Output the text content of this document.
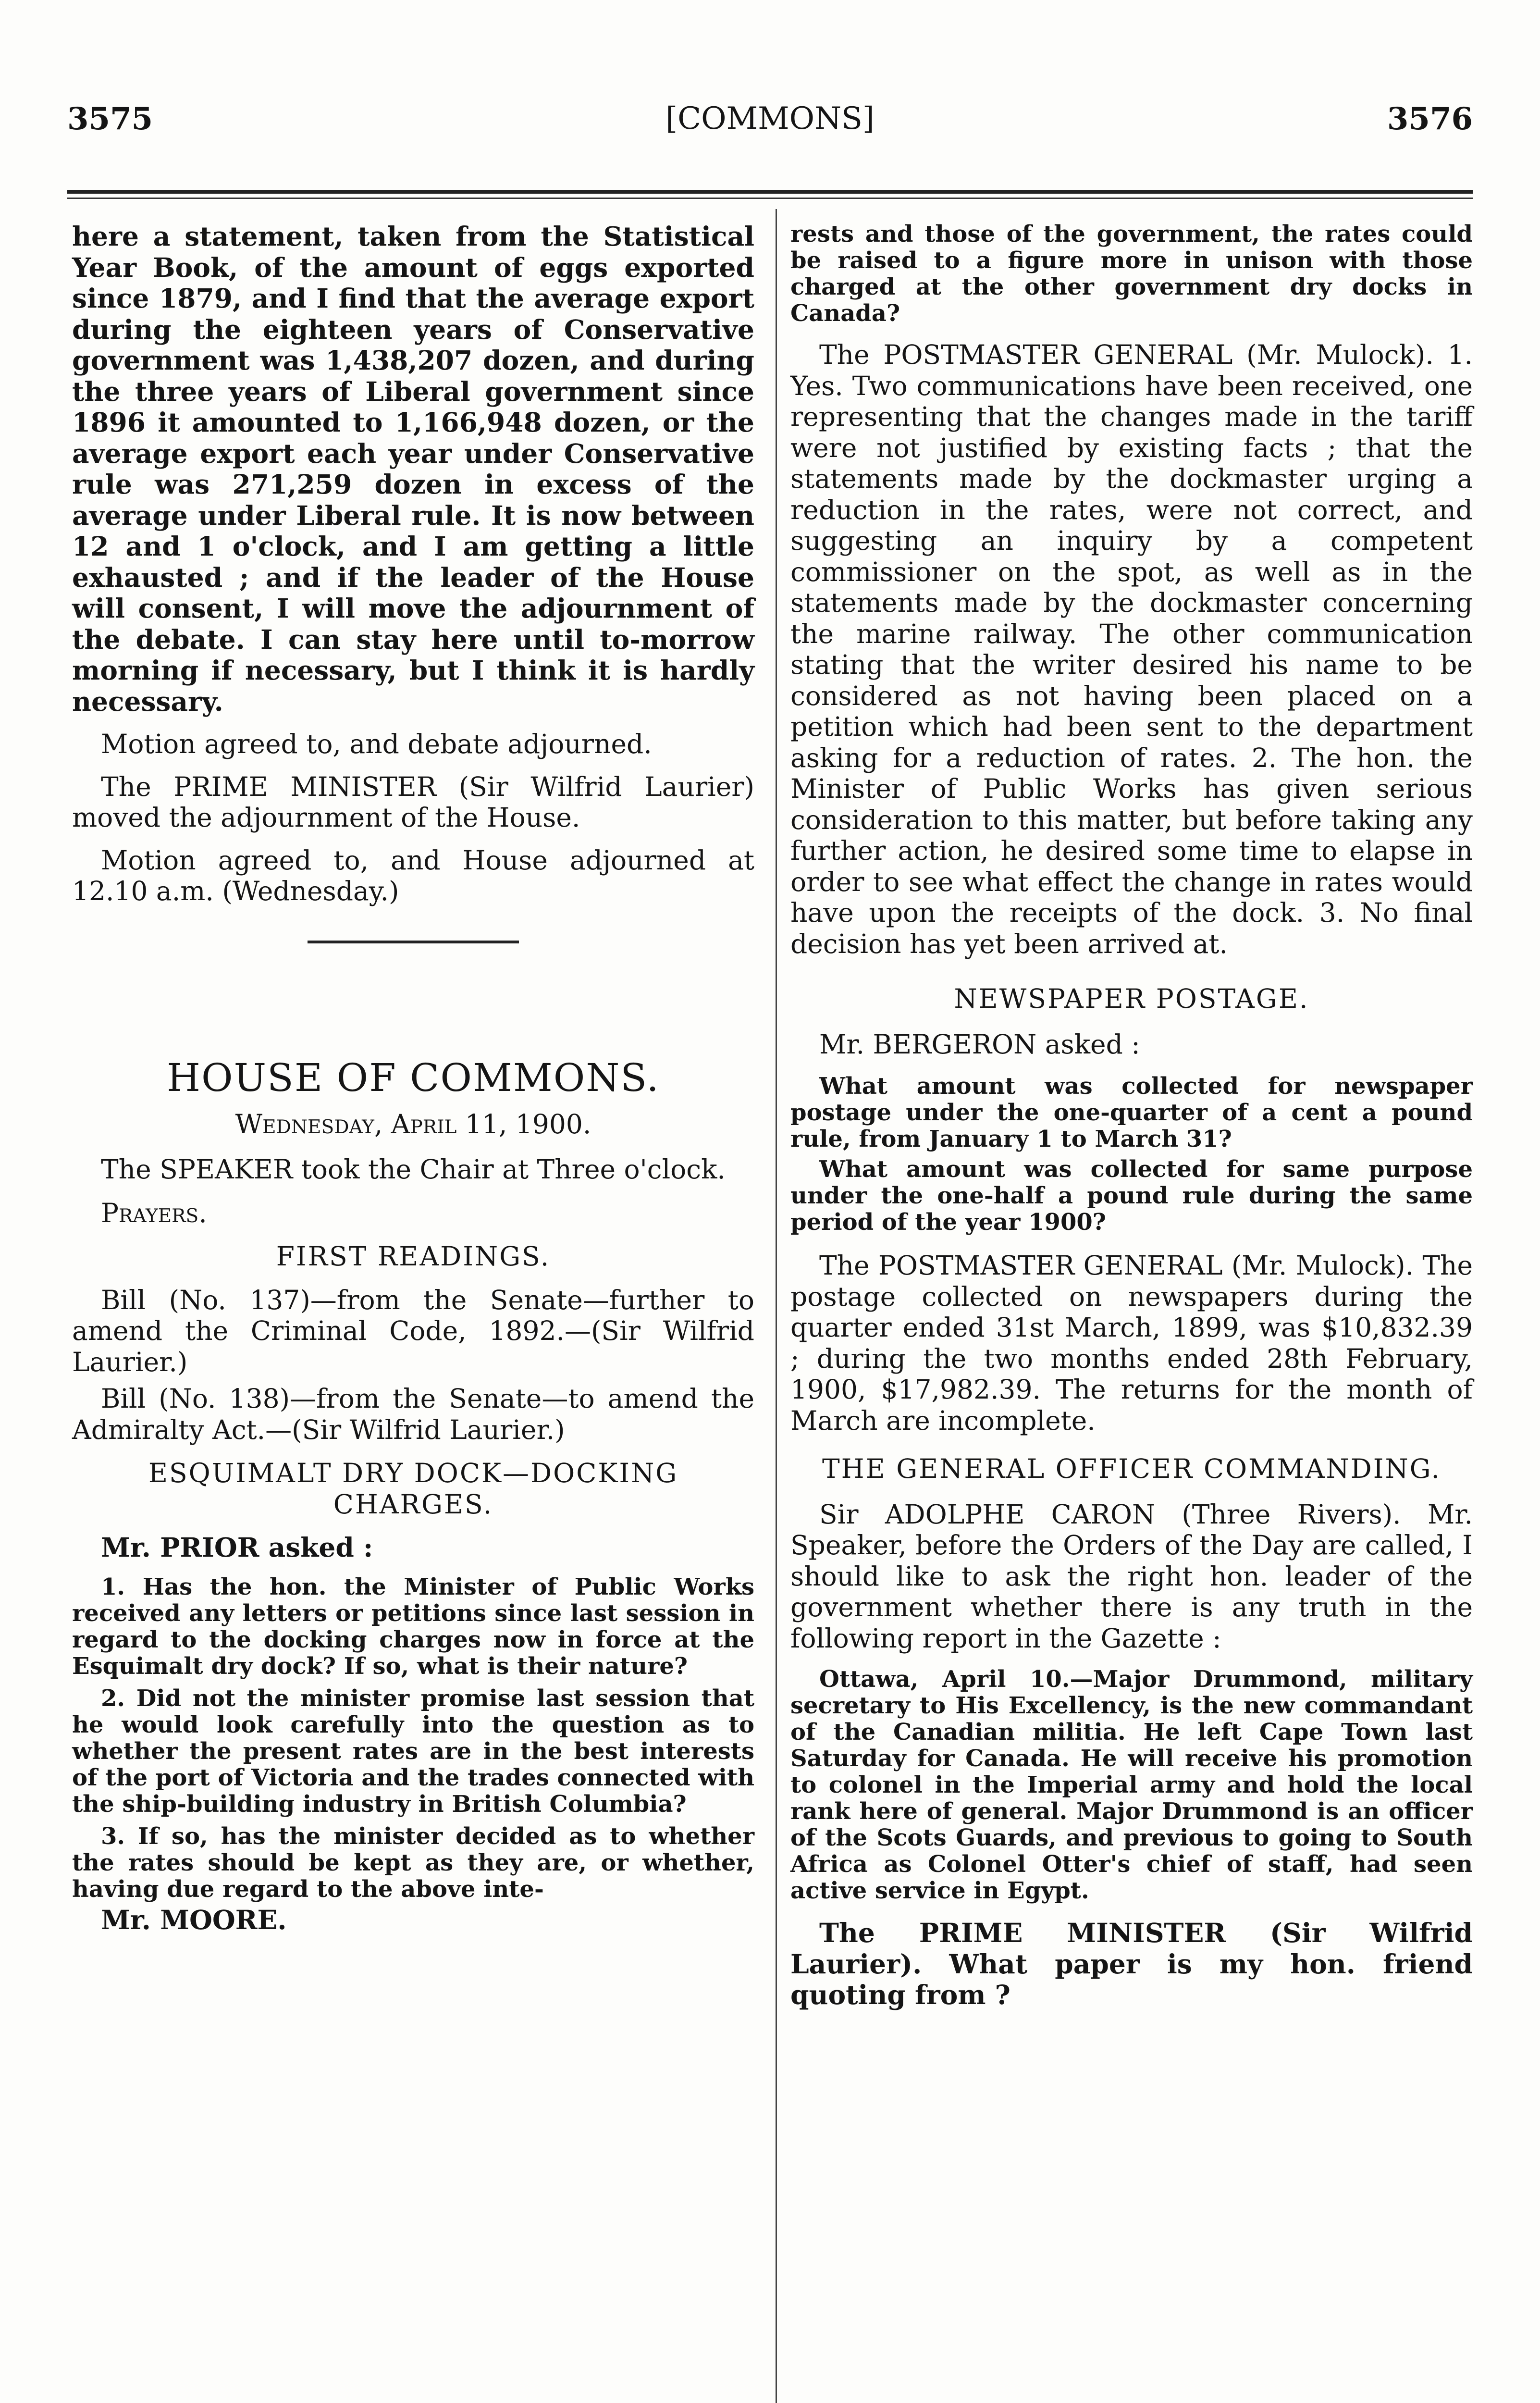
3575	[COMMONS]	3576

here a statement, taken from the Statistical Year Book, of the amount of eggs exported since 1879, and I find that the average export during the eighteen years of Conservative government was 1,438,207 dozen, and during the three years of Liberal government since 1896 it amounted to 1,166,948 dozen, or the average export each year under Conservative rule was 271,259 dozen in excess of the average under Liberal rule. It is now between 12 and 1 o'clock, and I am getting a little exhausted ; and if the leader of the House will consent, I will move the adjournment of the debate. I can stay here until to-morrow morning if necessary, but I think it is hardly necessary.

Motion agreed to, and debate adjourned.

The PRIME MINISTER (Sir Wilfrid Laurier) moved the adjournment of the House.

Motion agreed to, and House adjourned at 12.10 a.m. (Wednesday.)

HOUSE OF COMMONS.

Wednesday, April 11, 1900.

The SPEAKER took the Chair at Three o'clock.

Prayers.

FIRST READINGS.

Bill (No. 137)—from the Senate—further to amend the Criminal Code, 1892.—(Sir Wilfrid Laurier.)

Bill (No. 138)—from the Senate—to amend the Admiralty Act.—(Sir Wilfrid Laurier.)

ESQUIMALT DRY DOCK—DOCKING CHARGES.

Mr. PRIOR asked :

1. Has the hon. the Minister of Public Works received any letters or petitions since last session in regard to the docking charges now in force at the Esquimalt dry dock? If so, what is their nature?

2. Did not the minister promise last session that he would look carefully into the question as to whether the present rates are in the best interests of the port of Victoria and the trades connected with the ship-building industry in British Columbia?

3. If so, has the minister decided as to whether the rates should be kept as they are, or whether, having due regard to the above inte-

Mr. MOORE.

rests and those of the government, the rates could be raised to a figure more in unison with those charged at the other government dry docks in Canada?

The POSTMASTER GENERAL (Mr. Mulock). 1. Yes. Two communications have been received, one representing that the changes made in the tariff were not justified by existing facts ; that the statements made by the dockmaster urging a reduction in the rates, were not correct, and suggesting an inquiry by a competent commissioner on the spot, as well as in the statements made by the dockmaster concerning the marine railway. The other communication stating that the writer desired his name to be considered as not having been placed on a petition which had been sent to the department asking for a reduction of rates. 2. The hon. the Minister of Public Works has given serious consideration to this matter, but before taking any further action, he desired some time to elapse in order to see what effect the change in rates would have upon the receipts of the dock. 3. No final decision has yet been arrived at.

NEWSPAPER POSTAGE.

Mr. BERGERON asked :

What amount was collected for newspaper postage under the one-quarter of a cent a pound rule, from January 1 to March 31?

What amount was collected for same purpose under the one-half a pound rule during the same period of the year 1900?

The POSTMASTER GENERAL (Mr. Mulock). The postage collected on newspapers during the quarter ended 31st March, 1899, was $10,832.39 ; during the two months ended 28th February, 1900, $17,982.39. The returns for the month of March are incomplete.

THE GENERAL OFFICER COMMANDING.

Sir ADOLPHE CARON (Three Rivers). Mr. Speaker, before the Orders of the Day are called, I should like to ask the right hon. leader of the government whether there is any truth in the following report in the Gazette :

Ottawa, April 10.—Major Drummond, military secretary to His Excellency, is the new commandant of the Canadian militia. He left Cape Town last Saturday for Canada. He will receive his promotion to colonel in the Imperial army and hold the local rank here of general. Major Drummond is an officer of the Scots Guards, and previous to going to South Africa as Colonel Otter's chief of staff, had seen active service in Egypt.

The PRIME MINISTER (Sir Wilfrid Laurier). What paper is my hon. friend quoting from ?
